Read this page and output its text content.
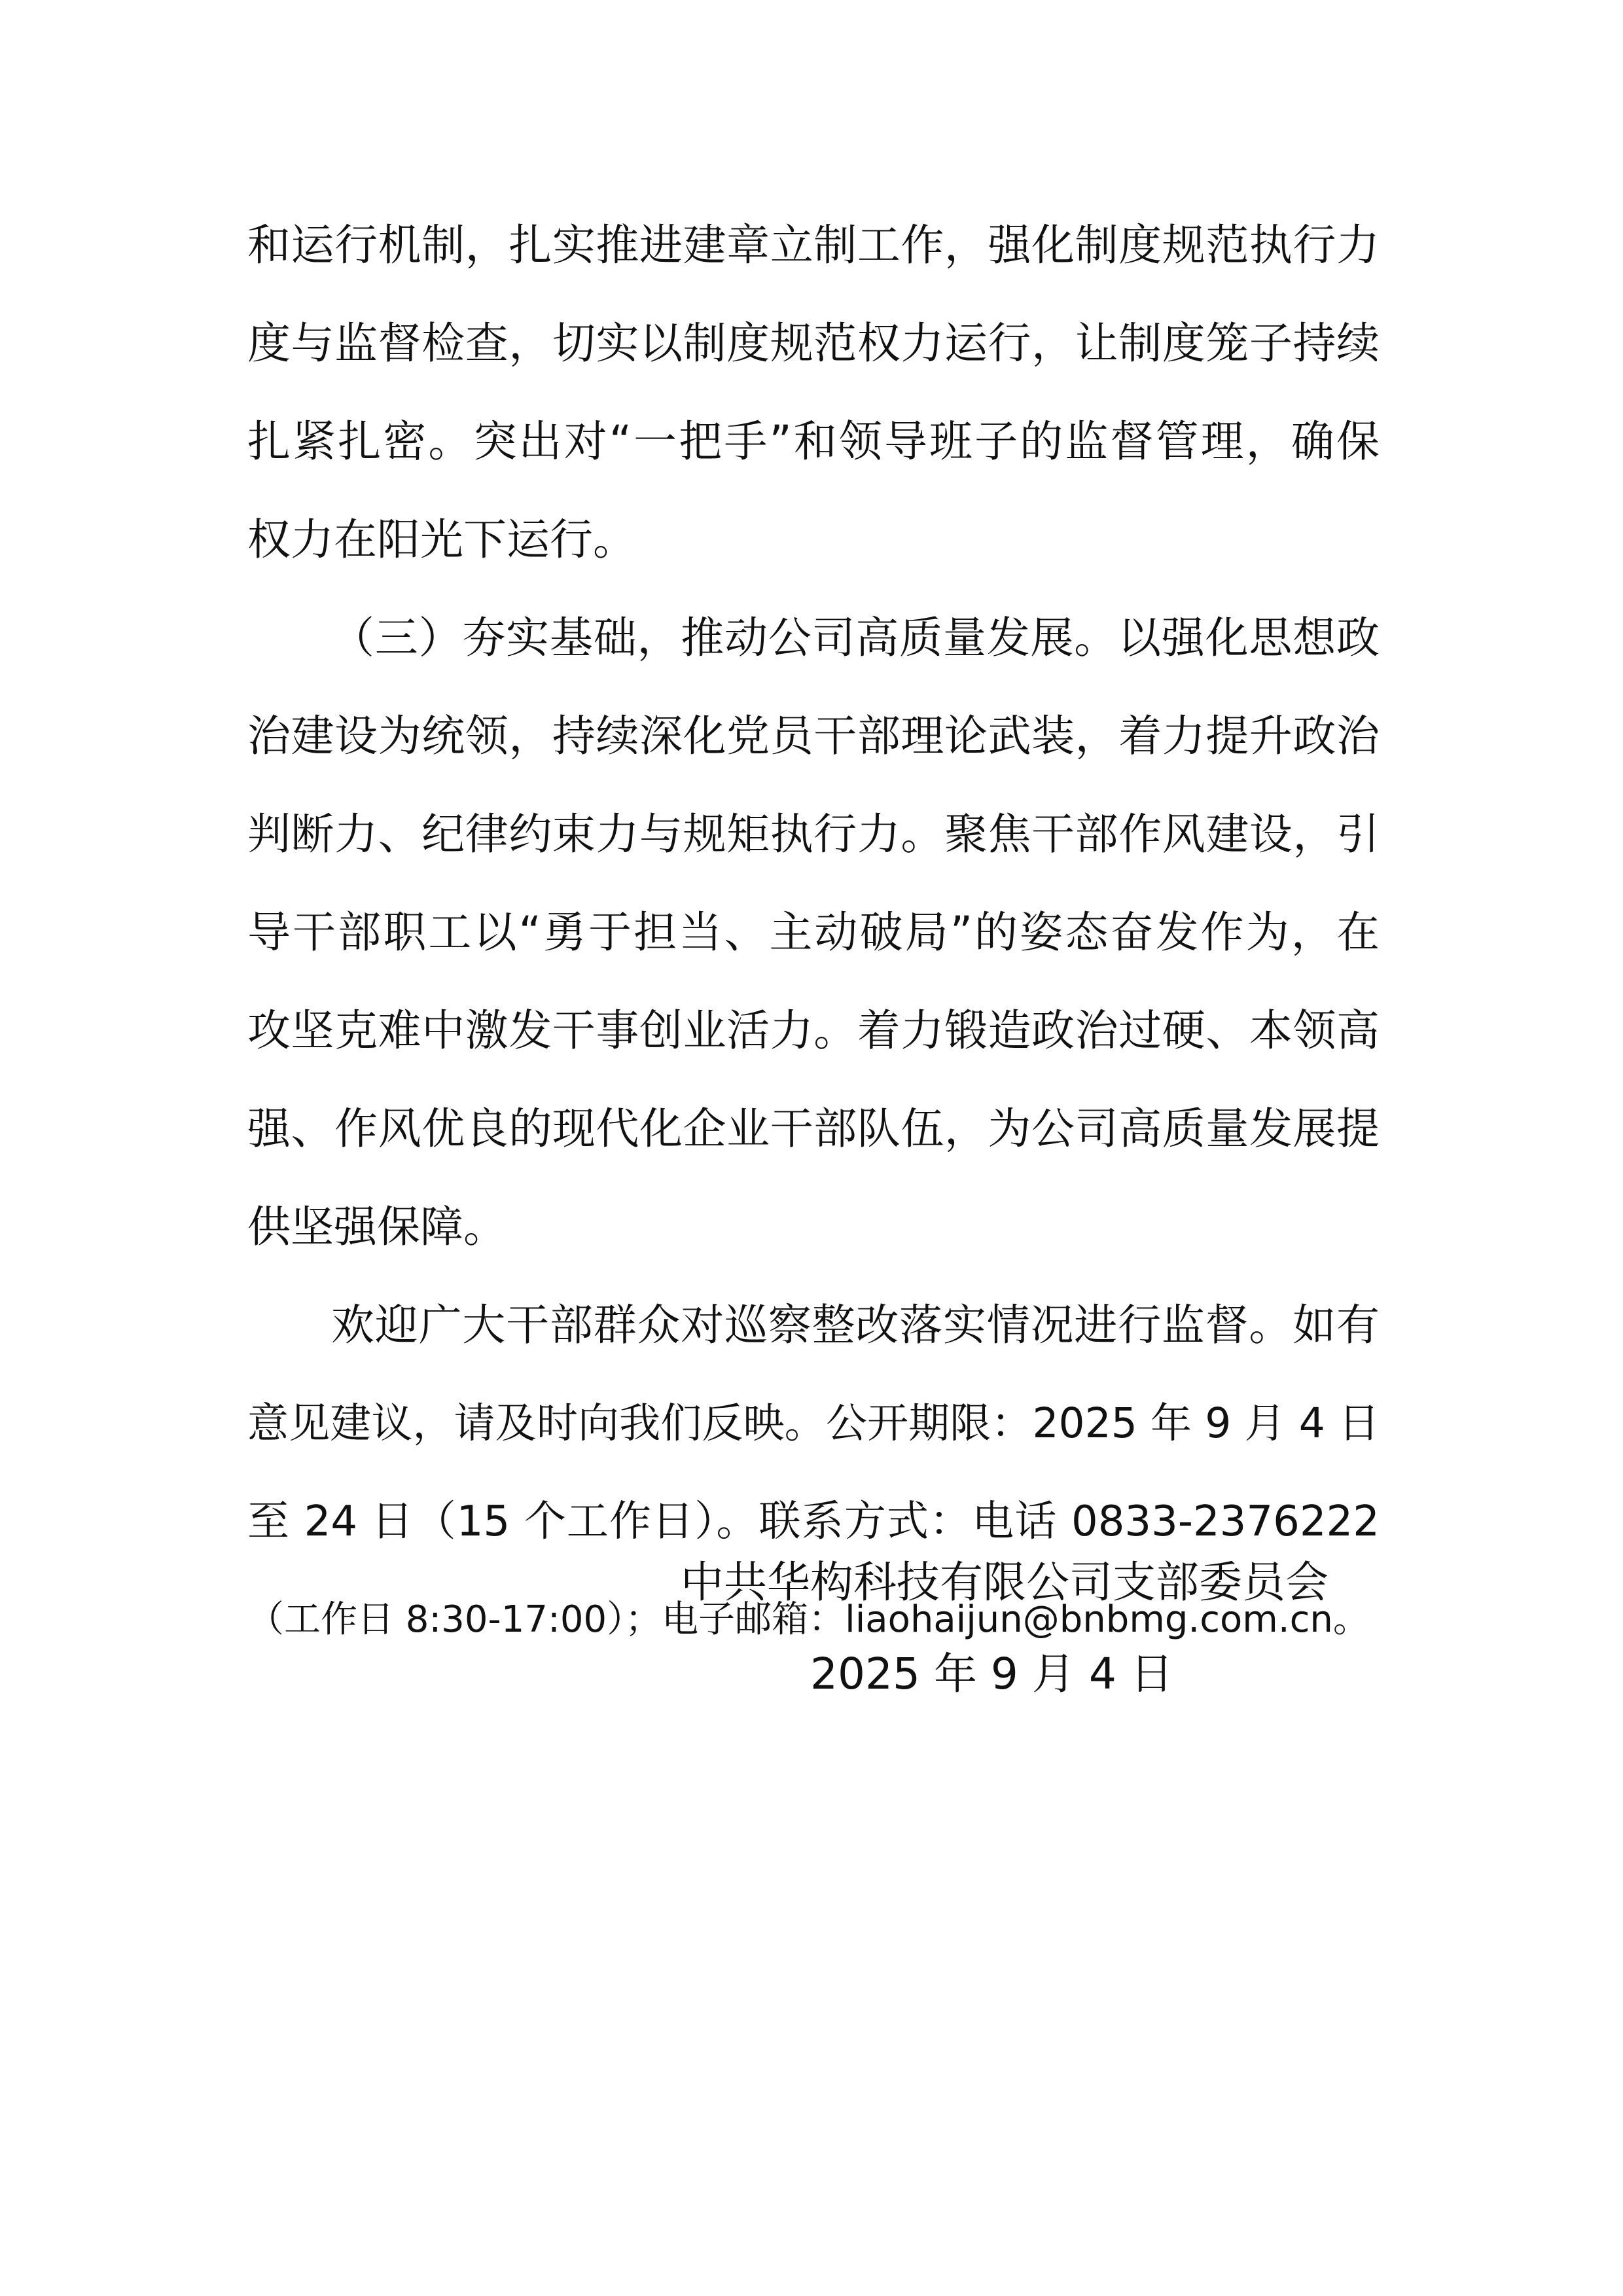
和运行机制，扎实推进建章立制工作，强化制度规范执行力
度与监督检查，切实以制度规范权力运行，让制度笼子持续
扎紧扎密。突出对“一把手”和领导班子的监督管理，确保
权力在阳光下运行。
（三）夯实基础，推动公司高质量发展。以强化思想政
治建设为统领，持续深化党员干部理论武装，着力提升政治
判断力、纪律约束力与规矩执行力。聚焦干部作风建设，引
导干部职工以“勇于担当、主动破局”的姿态奋发作为，在
攻坚克难中激发干事创业活力。着力锻造政治过硬、本领高
强、作风优良的现代化企业干部队伍，为公司高质量发展提
供坚强保障。
欢迎广大干部群众对巡察整改落实情况进行监督。如有
意见建议，请及时向我们反映。公开期限：2025 年 9 月 4 日
至 24 日（15 个工作日）。联系方式：电话 0833-2376222
（工作日 8:30-17:00）；电子邮箱：liaohaijun@bnbmg.com.cn。
中共华构科技有限公司支部委员会
2025 年 9 月 4 日
